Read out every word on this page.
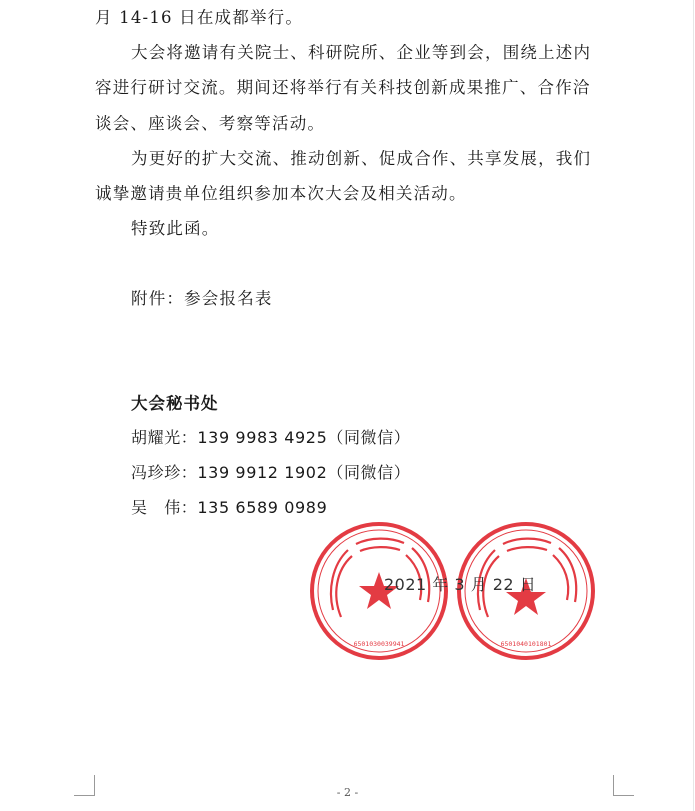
月 14-16 日在成都举行。
大会将邀请有关院士、科研院所、企业等到会，围绕上述内
容进行研讨交流。期间还将举行有关科技创新成果推广、合作洽
谈会、座谈会、考察等活动。
为更好的扩大交流、推动创新、促成合作、共享发展，我们
诚挚邀请贵单位组织参加本次大会及相关活动。
特致此函。
附件：参会报名表
大会秘书处
胡耀光：139 9983 4925（同微信）
冯珍珍：139 9912 1902（同微信）
吴　伟：135 6589 0989
6501030039941	6501040101801
2021 年 3 月 22 日
- 2 -
